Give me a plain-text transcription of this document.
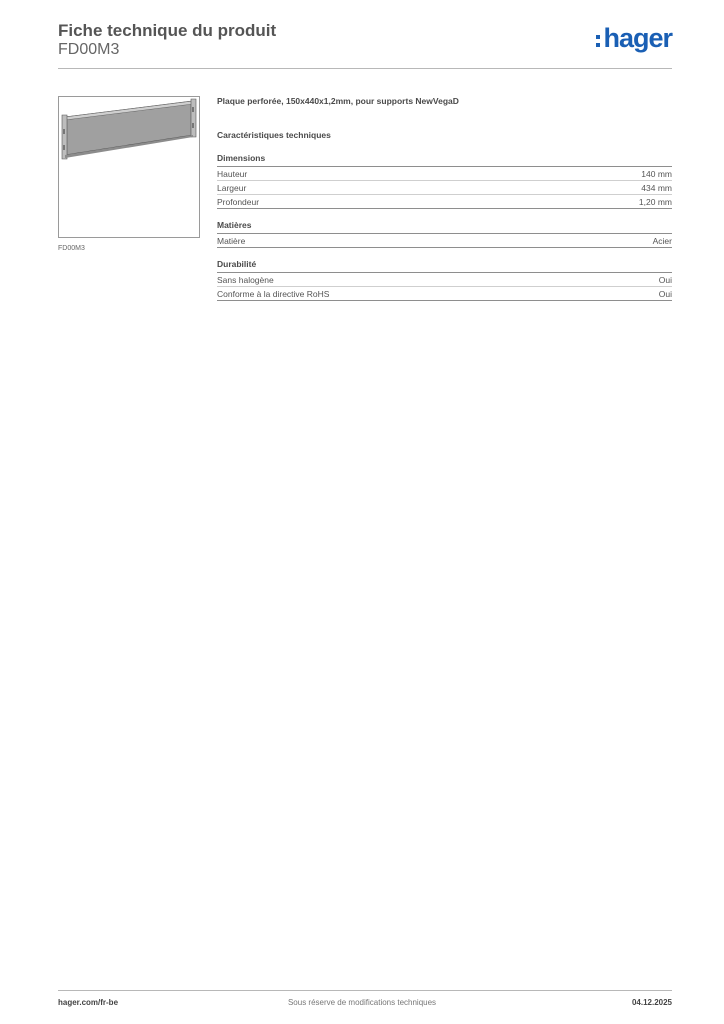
Fiche technique du produit
FD00M3	hager
FD00M3

Plaque perforée, 150x440x1,2mm, pour supports NewVegaD

Caractéristiques techniques
Dimensions
Hauteur	140 mm
Largeur	434 mm
Profondeur	1,20 mm
Matières
Matière	Acier
Durabilité
Sans halogène	Oui
Conforme à la directive RoHS	Oui
hager.com/fr-be	Sous réserve de modifications techniques	04.12.2025
